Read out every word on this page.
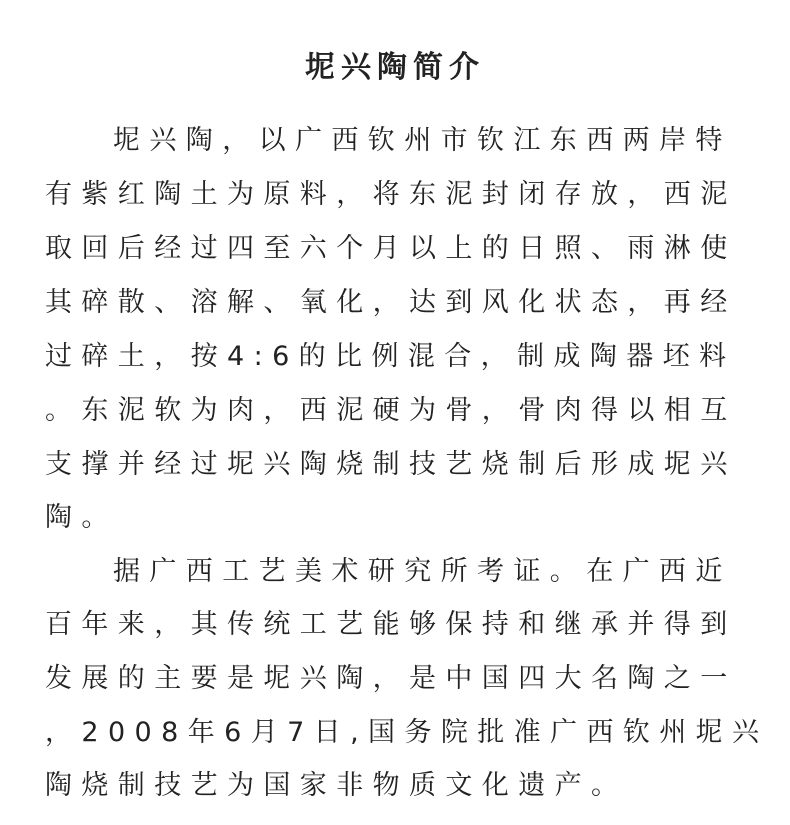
坭兴陶简介
坭兴陶，以广西钦州市钦江东西两岸特
有紫红陶土为原料，将东泥封闭存放，西泥
取回后经过四至六个月以上的日照、雨淋使
其碎散、溶解、氧化，达到风化状态，再经
过碎土，按4:6的比例混合，制成陶器坯料
。东泥软为肉，西泥硬为骨，骨肉得以相互
支撑并经过坭兴陶烧制技艺烧制后形成坭兴
陶。
据广西工艺美术研究所考证。在广西近
百年来，其传统工艺能够保持和继承并得到
发展的主要是坭兴陶，是中国四大名陶之一
，2008年6月7日,国务院批准广西钦州坭兴
陶烧制技艺为国家非物质文化遗产。
